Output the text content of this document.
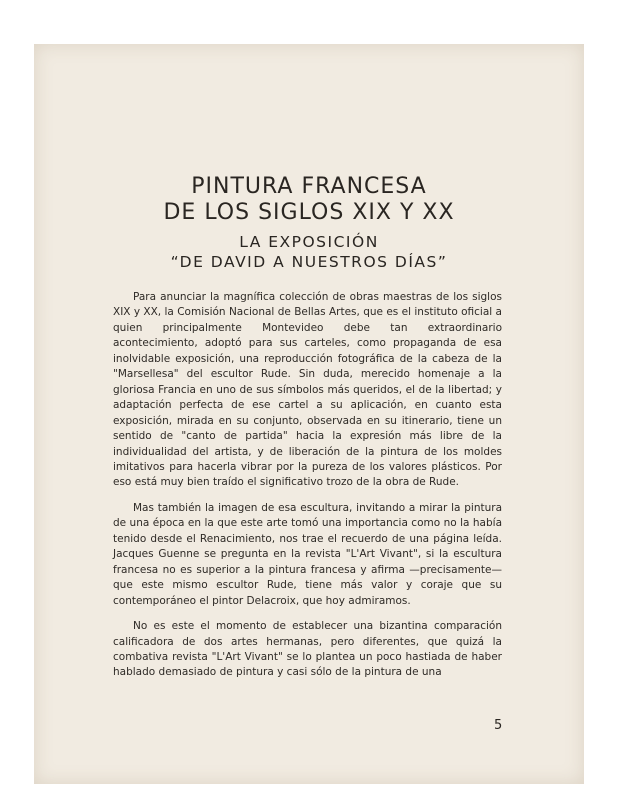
PINTURA FRANCESA
DE LOS SIGLOS XIX Y XX
LA EXPOSICIÓN
“DE DAVID A NUESTROS DÍAS”

Para anunciar la magnífica colección de obras maestras de los siglos XIX y XX, la Comisión Nacional de Bellas Artes, que es el instituto oficial a quien principalmente Montevideo debe tan extraordinario acontecimiento, adoptó para sus carteles, como propaganda de esa inolvidable exposición, una reproducción fotográfica de la cabeza de la "Marsellesa" del escultor Rude. Sin duda, merecido homenaje a la gloriosa Francia en uno de sus símbolos más queridos, el de la libertad; y adaptación perfecta de ese cartel a su aplicación, en cuanto esta exposición, mirada en su conjunto, observada en su itinerario, tiene un sentido de "canto de partida" hacia la expresión más libre de la individualidad del artista, y de liberación de la pintura de los moldes imitativos para hacerla vibrar por la pureza de los valores plásticos. Por eso está muy bien traído el significativo trozo de la obra de Rude.

Mas también la imagen de esa escultura, invitando a mirar la pintura de una época en la que este arte tomó una importancia como no la había tenido desde el Renacimiento, nos trae el recuerdo de una página leída. Jacques Guenne se pregunta en la revista "L'Art Vivant", si la escultura francesa no es superior a la pintura francesa y afirma —precisamente— que este mismo escultor Rude, tiene más valor y coraje que su contemporáneo el pintor Delacroix, que hoy admiramos.

No es este el momento de establecer una bizantina comparación calificadora de dos artes hermanas, pero diferentes, que quizá la combativa revista "L'Art Vivant" se lo plantea un poco hastiada de haber hablado demasiado de pintura y casi sólo de la pintura de una

5
